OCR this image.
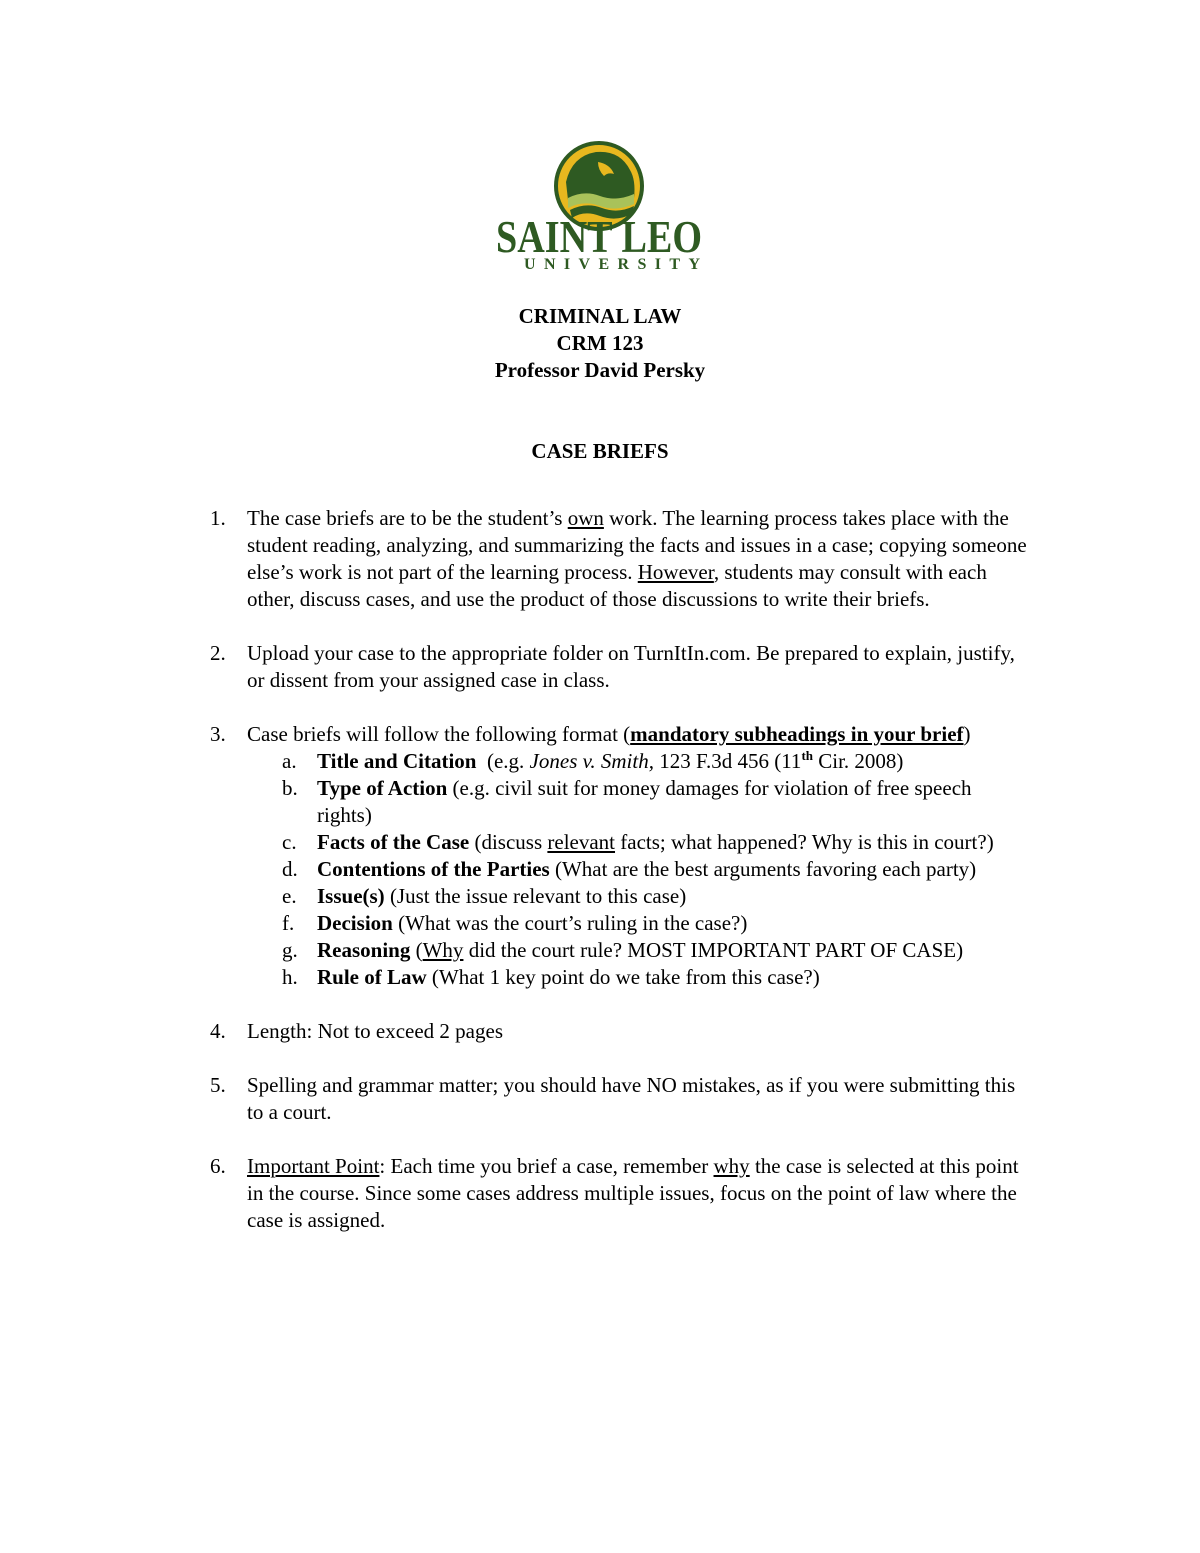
SAINT LEO
UNIVERSITY
CRIMINAL LAW
CRM 123
Professor David Persky
CASE BRIEFS
1. The case briefs are to be the student’s own work. The learning process takes place with the student reading, analyzing, and summarizing the facts and issues in a case; copying someone else’s work is not part of the learning process. However, students may consult with each other, discuss cases, and use the product of those discussions to write their briefs.
2. Upload your case to the appropriate folder on TurnItIn.com. Be prepared to explain, justify, or dissent from your assigned case in class.
3. Case briefs will follow the following format (mandatory subheadings in your brief)
a. Title and Citation  (e.g. Jones v. Smith, 123 F.3d 456 (11th Cir. 2008)
b. Type of Action (e.g. civil suit for money damages for violation of free speech rights)
c. Facts of the Case (discuss relevant facts; what happened? Why is this in court?)
d. Contentions of the Parties (What are the best arguments favoring each party)
e. Issue(s) (Just the issue relevant to this case)
f. Decision (What was the court’s ruling in the case?)
g. Reasoning (Why did the court rule? MOST IMPORTANT PART OF CASE)
h. Rule of Law (What 1 key point do we take from this case?)
4. Length: Not to exceed 2 pages
5. Spelling and grammar matter; you should have NO mistakes, as if you were submitting this to a court.
6. Important Point: Each time you brief a case, remember why the case is selected at this point in the course. Since some cases address multiple issues, focus on the point of law where the case is assigned.
